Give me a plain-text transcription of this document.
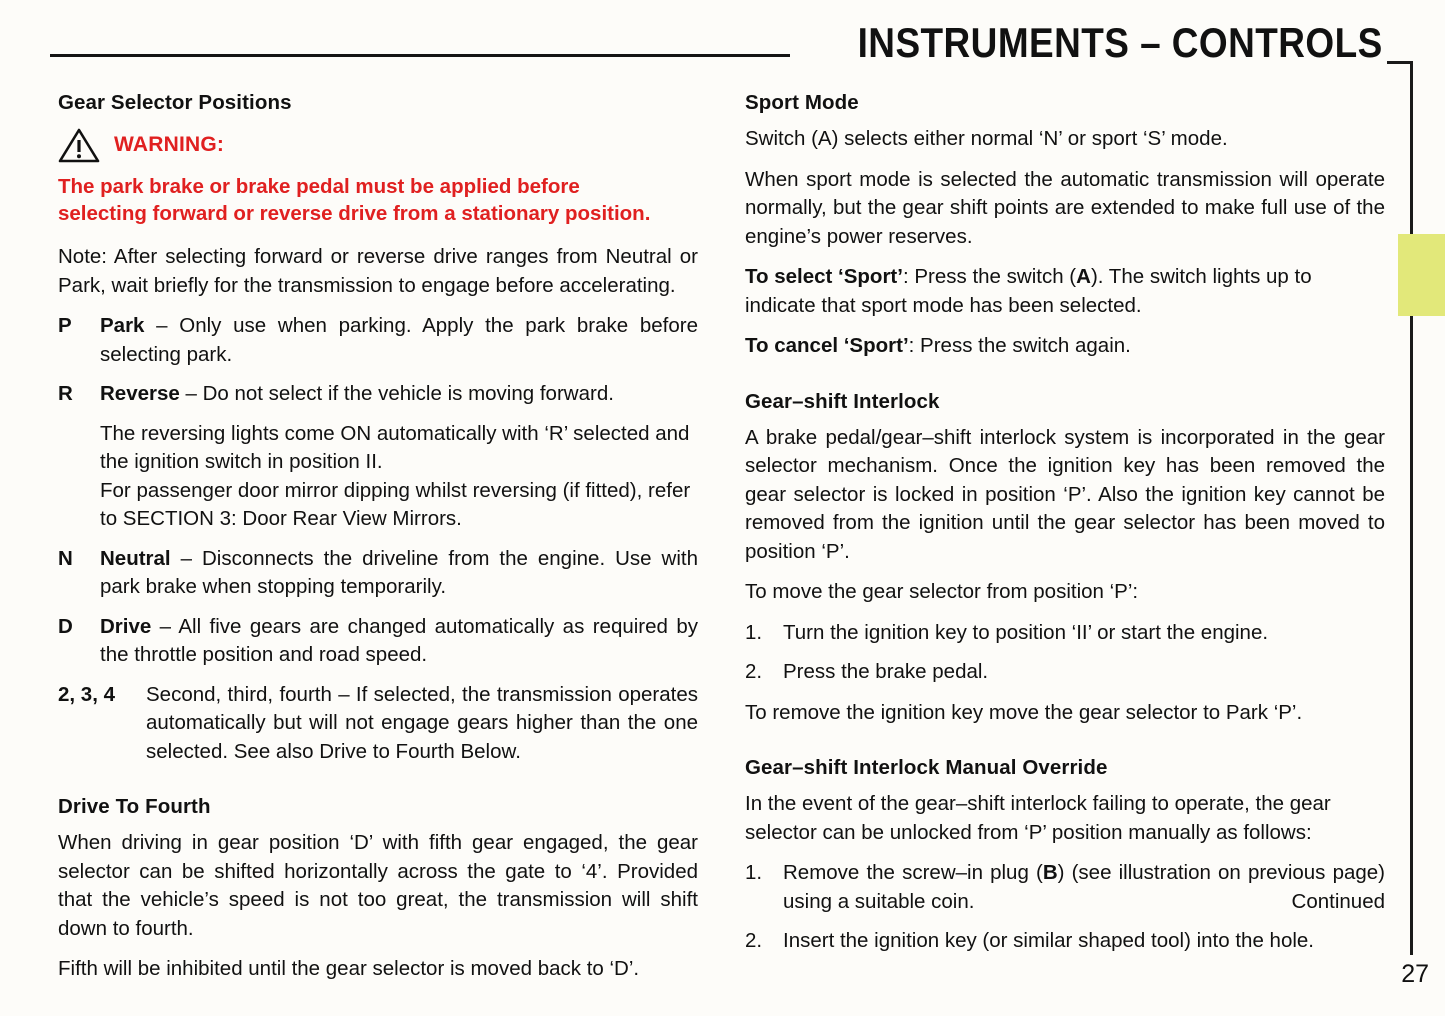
INSTRUMENTS – CONTROLS
27
Gear Selector Positions
WARNING:
The park brake or brake pedal must be applied before
selecting forward or reverse drive from a stationary position.

Note: After selecting forward or reverse drive ranges from Neutral or Park, wait briefly for the transmission to engage before accelerating.

P	Park – Only use when parking. Apply the park brake before selecting park.
R	Reverse – Do not select if the vehicle is moving forward.
The reversing lights come ON automatically with ‘R’ selected and the ignition switch in position II.
For passenger door mirror dipping whilst reversing (if fitted), refer to SECTION 3: Door Rear View Mirrors.
N	Neutral – Disconnects the driveline from the engine. Use with park brake when stopping temporarily.
D	Drive – All five gears are changed automatically as required by the throttle position and road speed.
2, 3, 4	Second, third, fourth – If selected, the transmission operates automatically but will not engage gears higher than the one selected. See also Drive to Fourth Below.
Drive To Fourth

When driving in gear position ‘D’ with fifth gear engaged, the gear selector can be shifted horizontally across the gate to ‘4’. Provided that the vehicle’s speed is not too great, the transmission will shift down to fourth.

Fifth will be inhibited until the gear selector is moved back to ‘D’.

Sport Mode

Switch (A) selects either normal ‘N’ or sport ‘S’ mode.

When sport mode is selected the automatic transmission will operate normally, but the gear shift points are extended to make full use of the engine’s power reserves.

To select ‘Sport’: Press the switch (A). The switch lights up to indicate that sport mode has been selected.

To cancel ‘Sport’: Press the switch again.

Gear–shift Interlock

A brake pedal/gear–shift interlock system is incorporated in the gear selector mechanism. Once the ignition key has been removed the gear selector is locked in position ‘P’. Also the ignition key cannot be removed from the ignition until the gear selector has been moved to position ‘P’.

To move the gear selector from position ‘P’:

1.	Turn the ignition key to position ‘II’ or start the engine.
2.	Press the brake pedal.

To remove the ignition key move the gear selector to Park ‘P’.

Gear–shift Interlock Manual Override

In the event of the gear–shift interlock failing to operate, the gear selector can be unlocked from ‘P’ position manually as follows:

1.	Remove the screw–in plug (B) (see illustration on previous page) using a suitable coin.
2.	Insert the ignition key (or similar shaped tool) into the hole.
Continued
